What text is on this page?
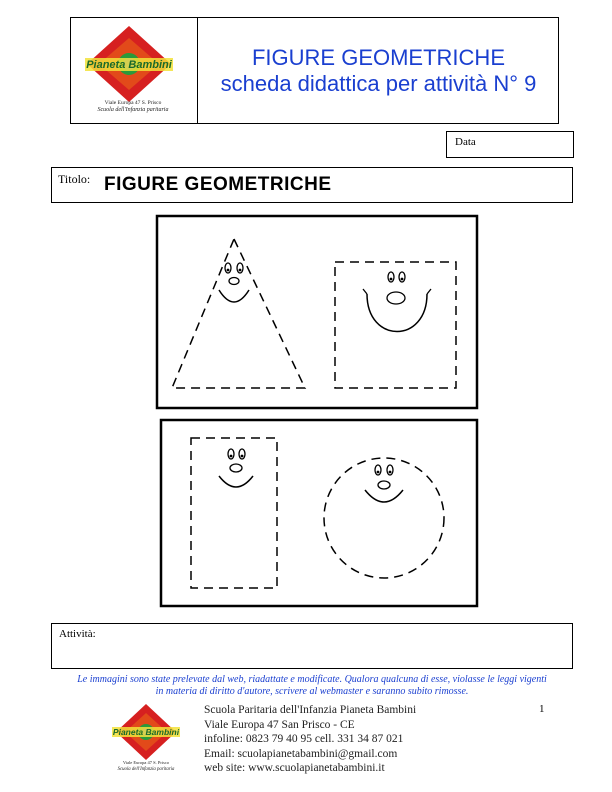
Pianeta Bambini
Viale Europa 47 S. Prisco
Scuola dell'Infanzia paritaria
FIGURE GEOMETRICHE
scheda didattica per attività N° 9
Data
Titolo: FIGURE GEOMETRICHE
Attività:
Le immagini sono state prelevate dal web, riadattate e modificate. Qualora qualcuna di esse, violasse le leggi vigenti
in materia di diritto d'autore, scrivere al webmaster e saranno subito rimosse.
1
Pianeta Bambini
Viale Europa 47 S. Prisco
Scuola dell'Infanzia paritaria
Scuola Paritaria dell'Infanzia Pianeta Bambini
Viale Europa 47 San Prisco - CE
infoline: 0823 79 40 95 cell. 331 34 87 021
Email: scuolapianetabambini@gmail.com
web site: www.scuolapianetabambini.it
